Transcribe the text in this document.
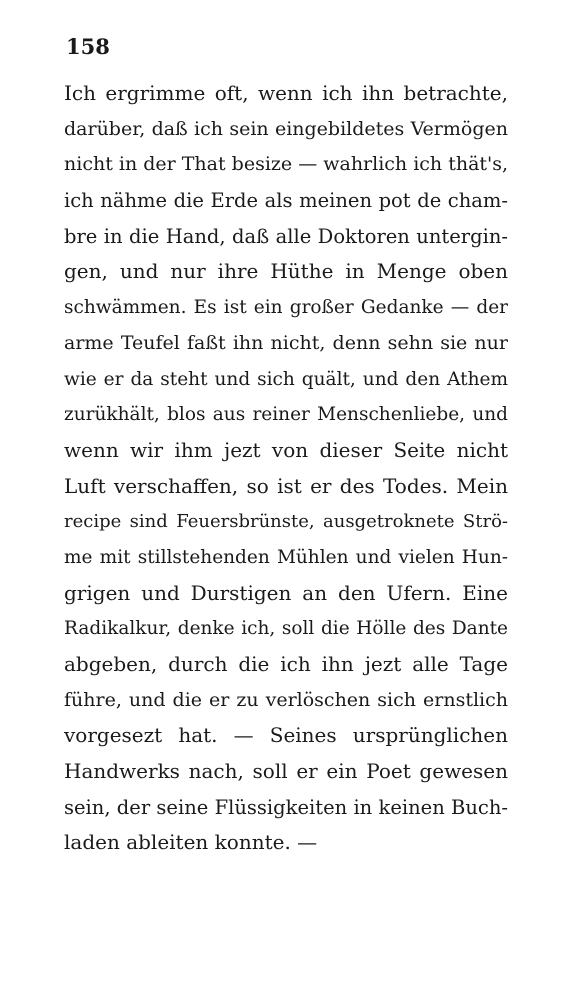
158
Ich ergrimme oft, wenn ich ihn betrachte,
darüber, daß ich sein eingebildetes Vermögen
nicht in der That besize — wahrlich ich thät's,
ich nähme die Erde als meinen pot de cham-
bre in die Hand, daß alle Doktoren untergin-
gen, und nur ihre Hüthe in Menge oben
schwämmen. Es ist ein großer Gedanke — der
arme Teufel faßt ihn nicht, denn sehn sie nur
wie er da steht und sich quält, und den Athem
zurükhält, blos aus reiner Menschenliebe, und
wenn wir ihm jezt von dieser Seite nicht
Luft verschaffen, so ist er des Todes. Mein
recipe sind Feuersbrünste, ausgetroknete Strö-
me mit stillstehenden Mühlen und vielen Hun-
grigen und Durstigen an den Ufern. Eine
Radikalkur, denke ich, soll die Hölle des Dante
abgeben, durch die ich ihn jezt alle Tage
führe, und die er zu verlöschen sich ernstlich
vorgesezt hat. — Seines ursprünglichen
Handwerks nach, soll er ein Poet gewesen
sein, der seine Flüssigkeiten in keinen Buch-
laden ableiten konnte. —
